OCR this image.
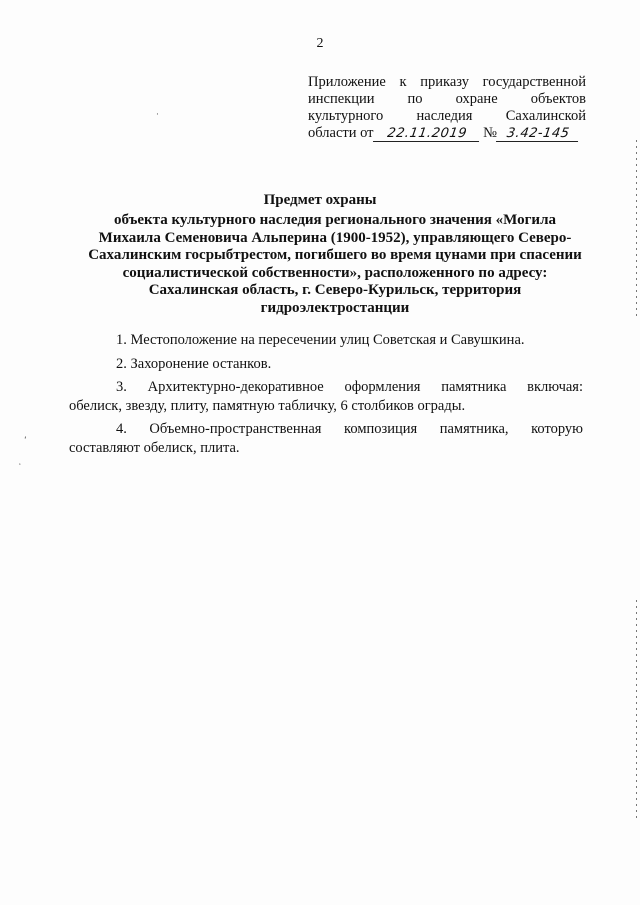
2
Приложение к приказу государственной
инспекции по охране объектов
культурного наследия Сахалинской
области от 22.11.2019 № 3.42-145
Предмет охраны
объекта культурного наследия регионального значения «Могила
Михаила Семеновича Альперина (1900-1952), управляющего Северо-
Сахалинским госрыбтрестом, погибшего во время цунами при спасении
социалистической собственности», расположенного по адресу:
Сахалинская область, г. Северо-Курильск, территория
гидроэлектростанции
1. Местоположение на пересечении улиц Советская и Савушкина.
2. Захоронение останков.
3. Архитектурно-декоративное оформления памятника включая:
обелиск, звезду, плиту, памятную табличку, 6 столбиков ограды.
4. Объемно-пространственная композиция памятника, которую
составляют обелиск, плита.
·
ʻ
